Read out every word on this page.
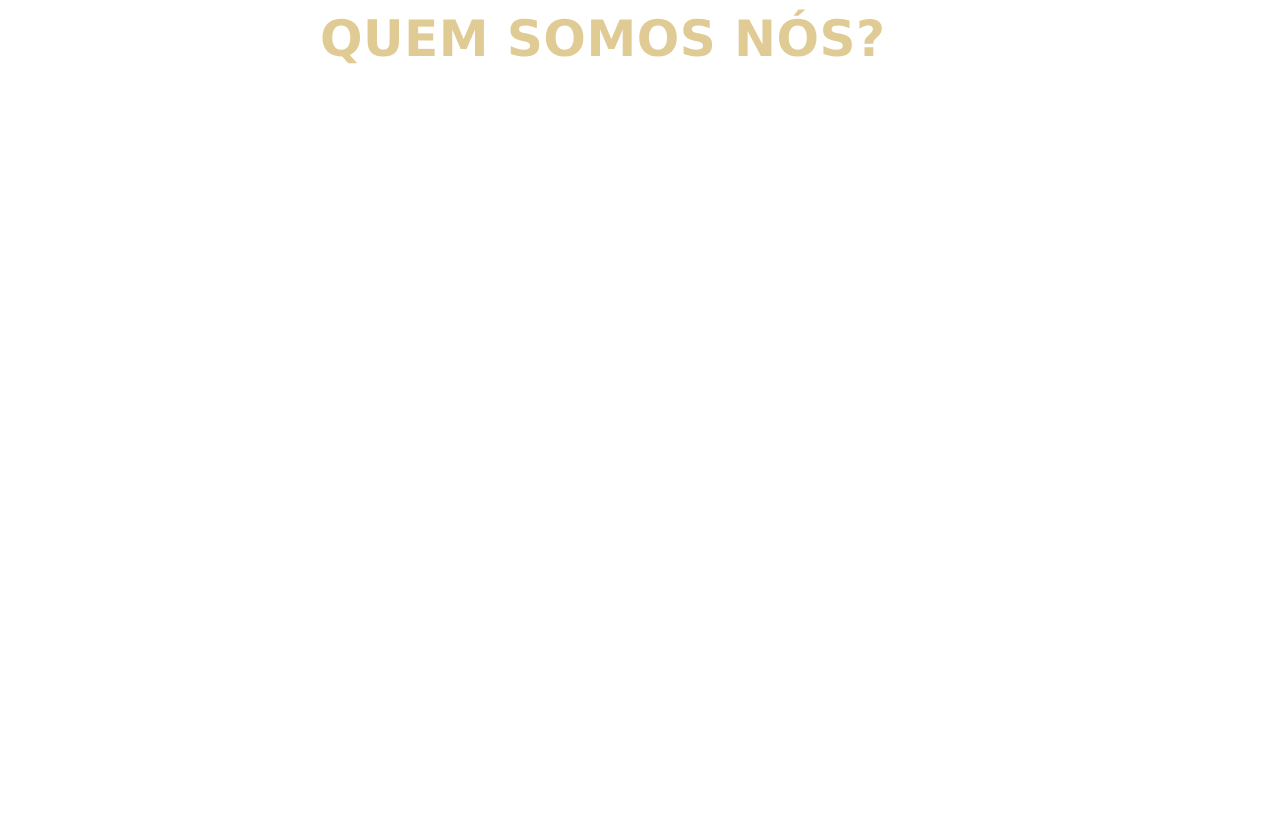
QUEM SOMOS NÓS?
